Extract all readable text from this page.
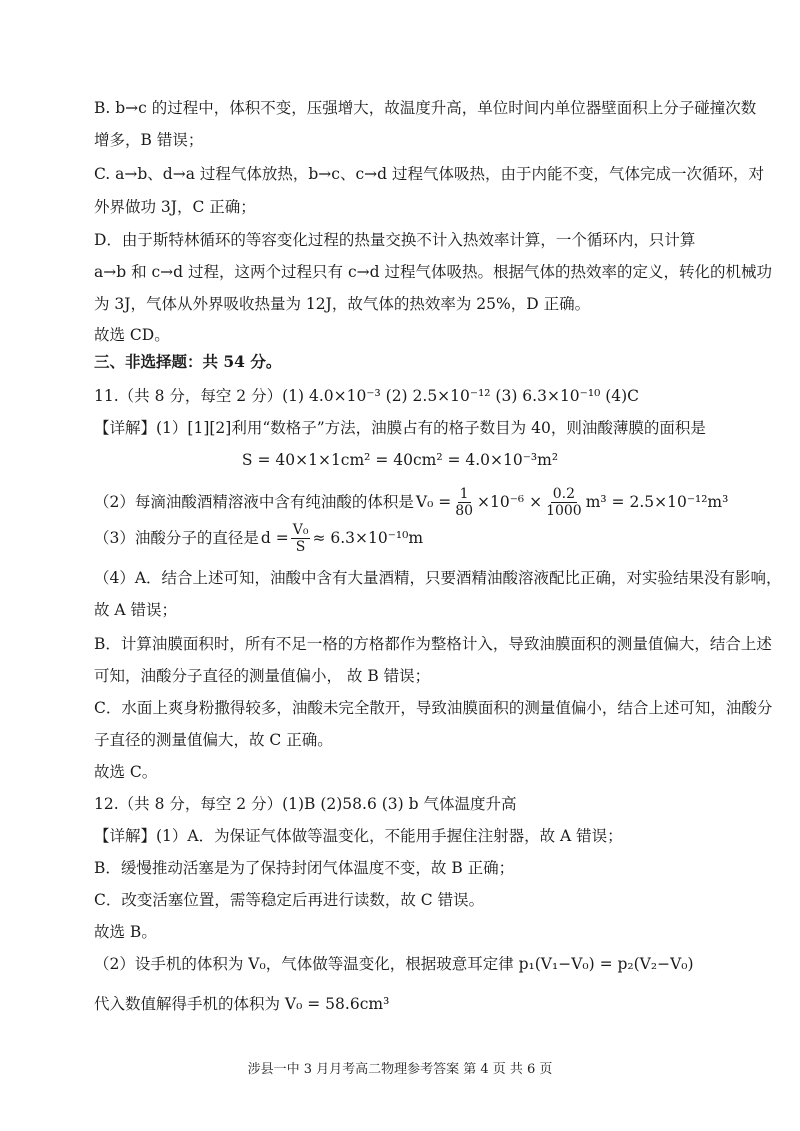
B. b→c 的过程中，体积不变，压强增大，故温度升高，单位时间内单位器壁面积上分子碰撞次数
增多，B 错误；
C. a→b、d→a 过程气体放热，b→c、c→d 过程气体吸热，由于内能不变，气体完成一次循环，对
外界做功 3J，C 正确；
D．由于斯特林循环的等容变化过程的热量交换不计入热效率计算，一个循环内，只计算
a→b 和 c→d 过程，这两个过程只有 c→d 过程气体吸热。根据气体的热效率的定义，转化的机械功
为 3J，气体从外界吸收热量为 12J，故气体的热效率为 25%，D 正确。
故选 CD。
三、非选择题：共 54 分。
11.（共 8 分，每空 2 分）(1) 4.0×10⁻³ (2) 2.5×10⁻¹² (3) 6.3×10⁻¹⁰ (4)C
【详解】(1）[1][2]利用“数格子”方法，油膜占有的格子数目为 40，则油酸薄膜的面积是
S = 40×1×1cm² = 40cm² = 4.0×10⁻³m²
（2）每滴油酸酒精溶液中含有纯油酸的体积是 $V_0 = \frac{1}{80} \times 10^{-6} \times \frac{0.2}{1000} m^3 = 2.5\times 10^{-12}m^3$
（3）油酸分子的直径是 $d = \frac{\text{V₀}}{S} \approx 6.3\times 10^{-10}m$
（4）A．结合上述可知，油酸中含有大量酒精，只要酒精油酸溶液配比正确，对实验结果没有影响，
故 A 错误；
B．计算油膜面积时，所有不足一格的方格都作为整格计入，导致油膜面积的测量值偏大，结合上述
可知，油酸分子直径的测量值偏小， 故 B 错误；
C．水面上爽身粉撒得较多，油酸未完全散开，导致油膜面积的测量值偏小，结合上述可知，油酸分
子直径的测量值偏大，故 C 正确。
故选 C。
12.（共 8 分，每空 2 分）(1)B (2)58.6 (3) b 气体温度升高
【详解】(1）A．为保证气体做等温变化，不能用手握住注射器，故 A 错误；
B．缓慢推动活塞是为了保持封闭气体温度不变，故 B 正确；
C．改变活塞位置，需等稳定后再进行读数，故 C 错误。
故选 B。
（2）设手机的体积为 V₀，气体做等温变化，根据玻意耳定律 p₁(V₁−V₀) = p₂(V₂−V₀)
代入数值解得手机的体积为 V₀ = 58.6cm³
涉县一中 3 月月考高二物理参考答案 第 4 页 共 6 页
